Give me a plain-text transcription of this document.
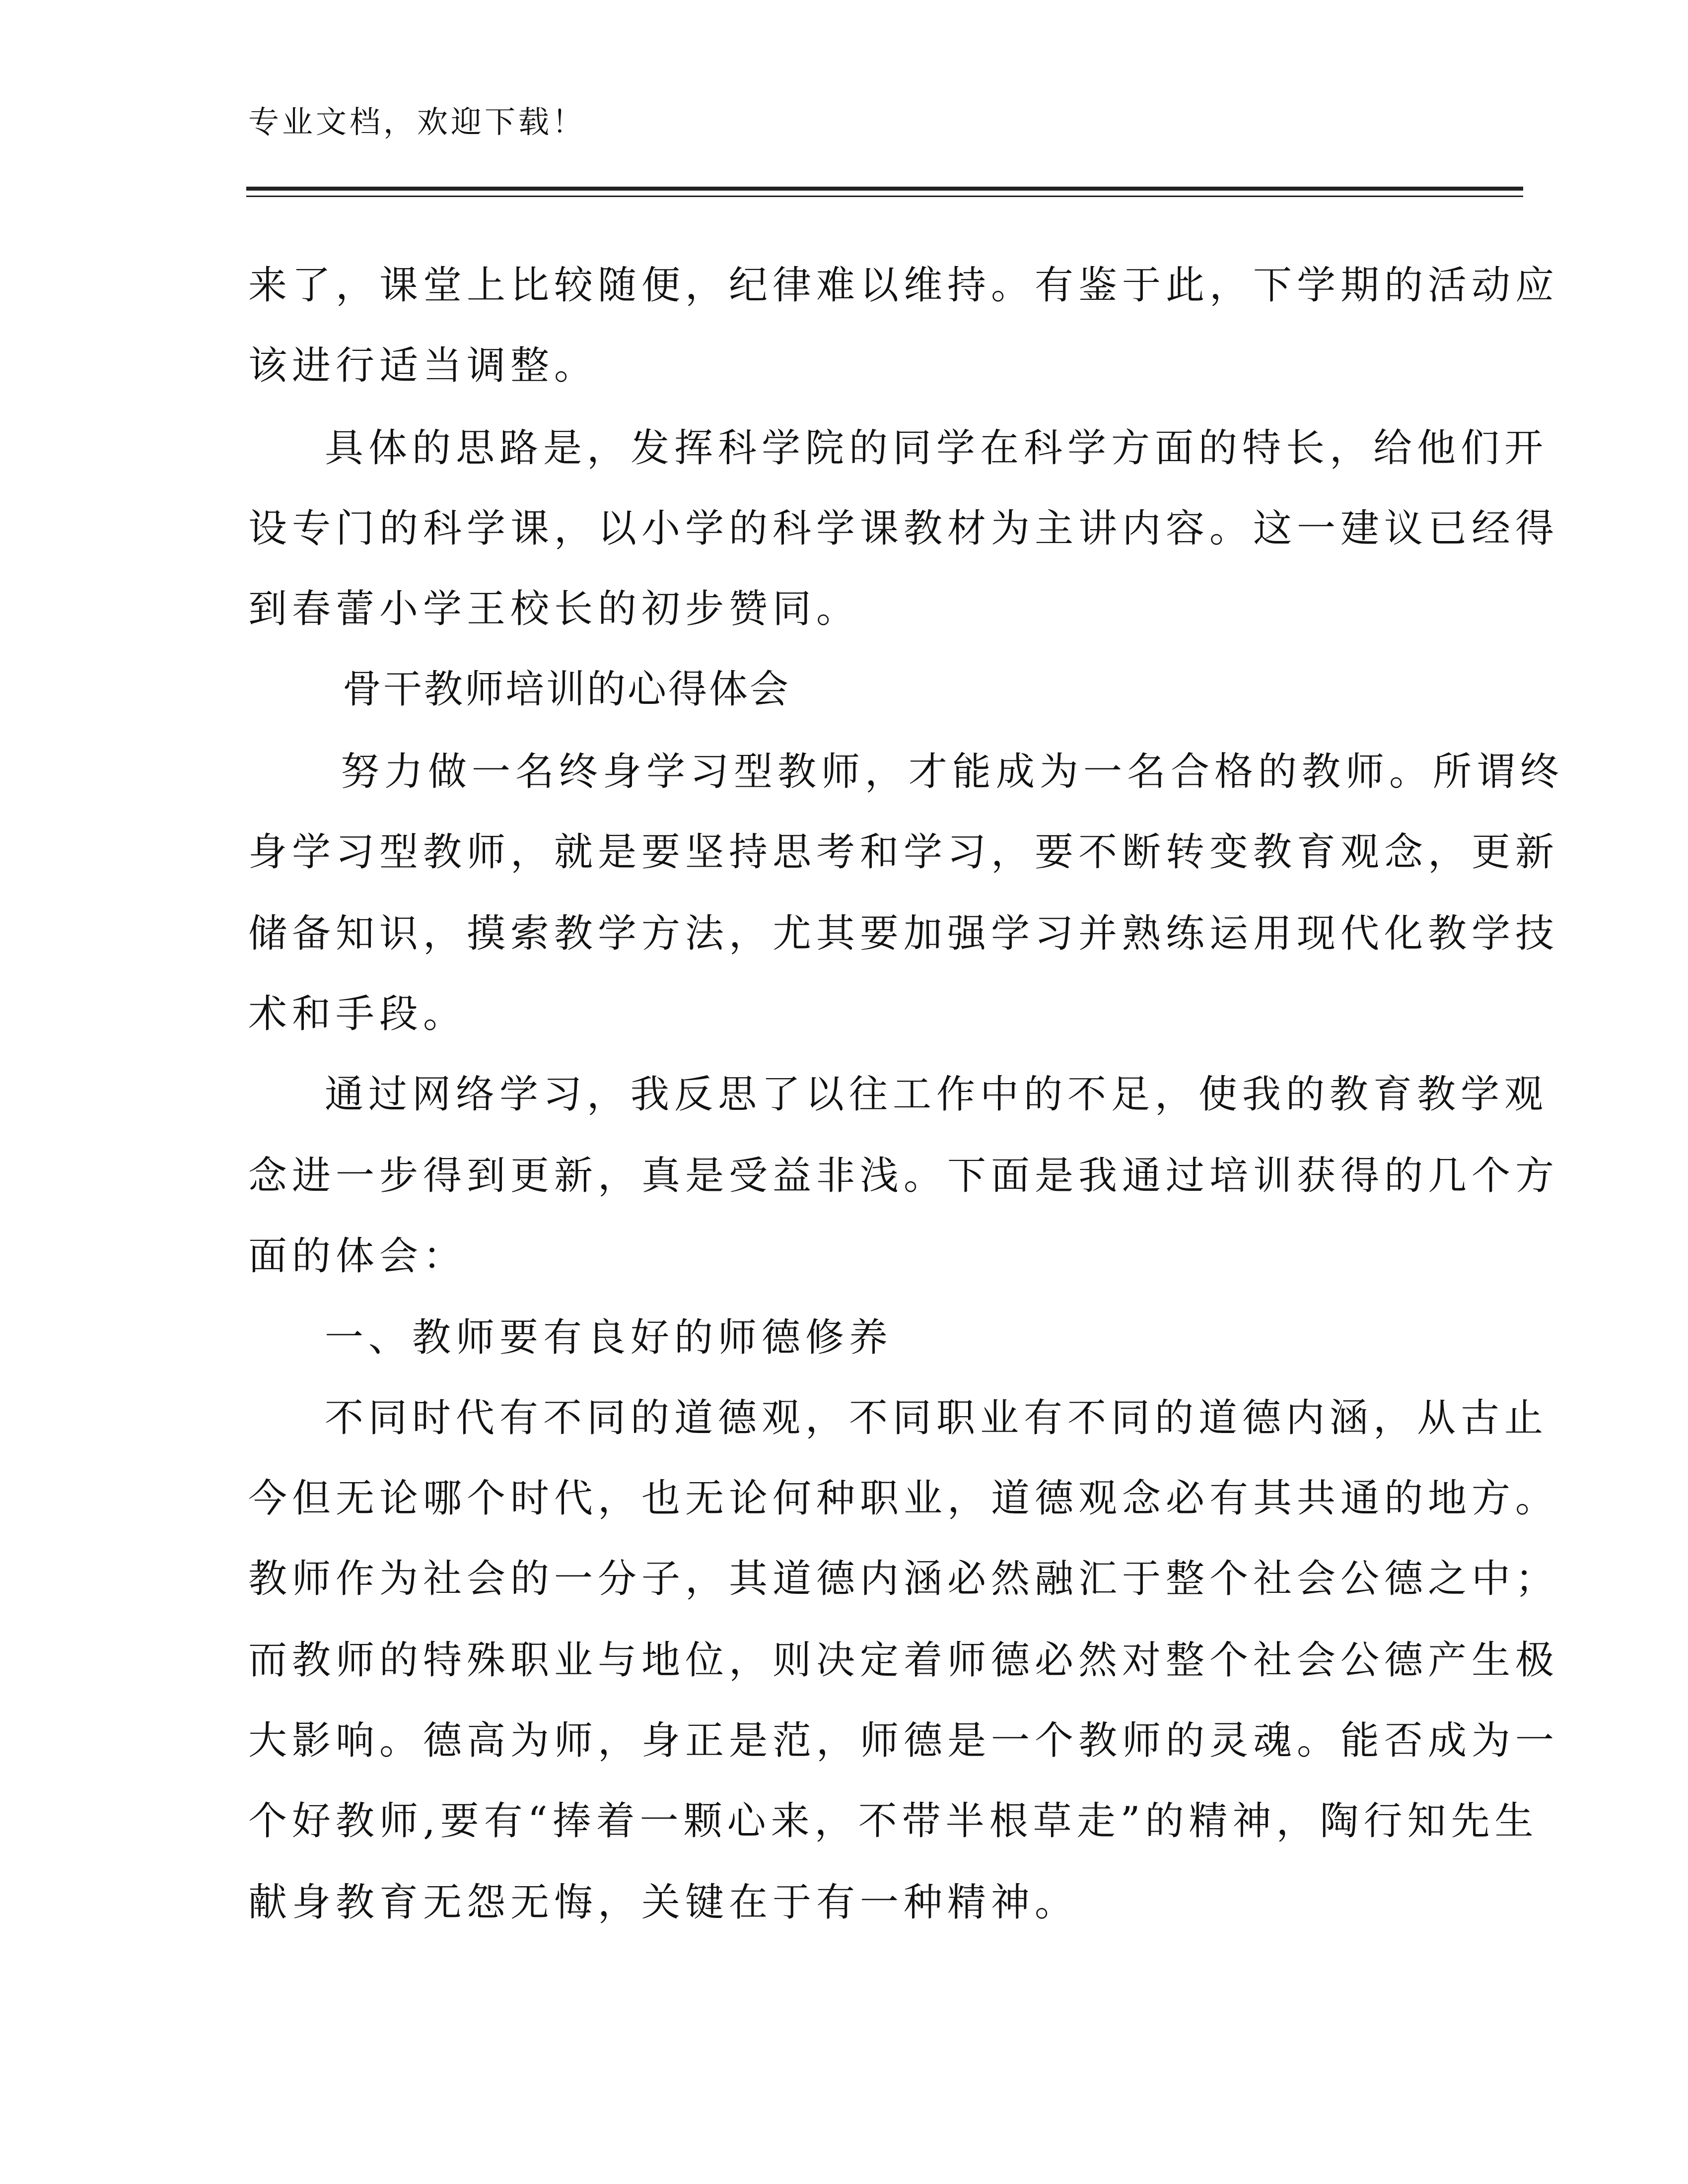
专业文档，欢迎下载！
来了，课堂上比较随便，纪律难以维持。有鉴于此，下学期的活动应
该进行适当调整。
具体的思路是，发挥科学院的同学在科学方面的特长，给他们开
设专门的科学课，以小学的科学课教材为主讲内容。这一建议已经得
到春蕾小学王校长的初步赞同。
骨干教师培训的心得体会
努力做一名终身学习型教师，才能成为一名合格的教师。所谓终
身学习型教师，就是要坚持思考和学习，要不断转变教育观念，更新
储备知识，摸索教学方法，尤其要加强学习并熟练运用现代化教学技
术和手段。
通过网络学习，我反思了以往工作中的不足，使我的教育教学观
念进一步得到更新，真是受益非浅。下面是我通过培训获得的几个方
面的体会：
一、教师要有良好的师德修养
不同时代有不同的道德观，不同职业有不同的道德内涵，从古止
今但无论哪个时代，也无论何种职业，道德观念必有其共通的地方。
教师作为社会的一分子，其道德内涵必然融汇于整个社会公德之中；
而教师的特殊职业与地位，则决定着师德必然对整个社会公德产生极
大影响。德高为师，身正是范，师德是一个教师的灵魂。能否成为一
个好教师,要有“捧着一颗心来，不带半根草走”的精神，陶行知先生
献身教育无怨无悔，关键在于有一种精神。
